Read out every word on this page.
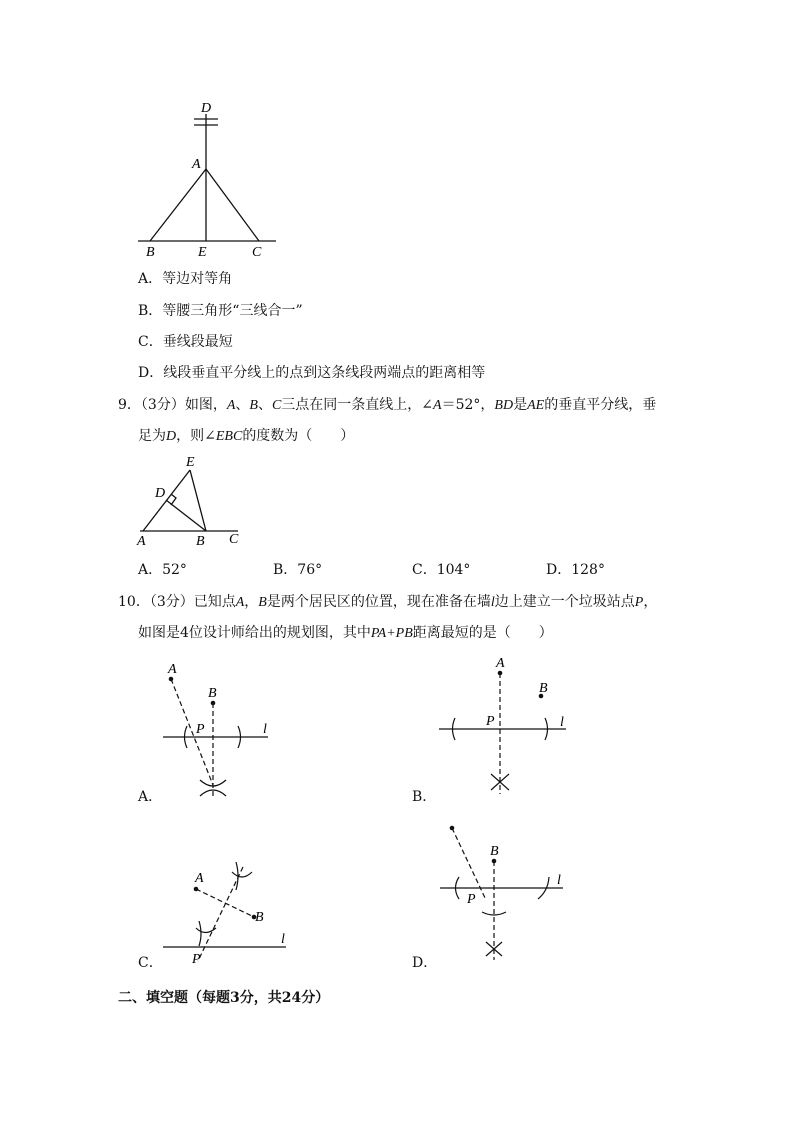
D
A
B	E	C
A．等边对等角
B．等腰三角形“三线合一”
C．垂线段最短
D．线段垂直平分线上的点到这条线段两端点的距离相等
9．（3分）如图，A、B、C三点在同一条直线上，∠A＝52°，BD是AE的垂直平分线，垂
足为D，则∠EBC的度数为（　　）
E
D
A	B C
A．52°	B．76°	C．104°	D．128°
10．（3分）已知点A，B是两个居民区的位置，现在准备在墙l边上建立一个垃圾站点P，
如图是4位设计师给出的规划图，其中PA+PB距离最短的是（　　）
A
B
P	l
A．
A
B
P	l
B．
A
B
P
l
C．
B
P
l
D．
二、填空题（每题3分，共24分）
